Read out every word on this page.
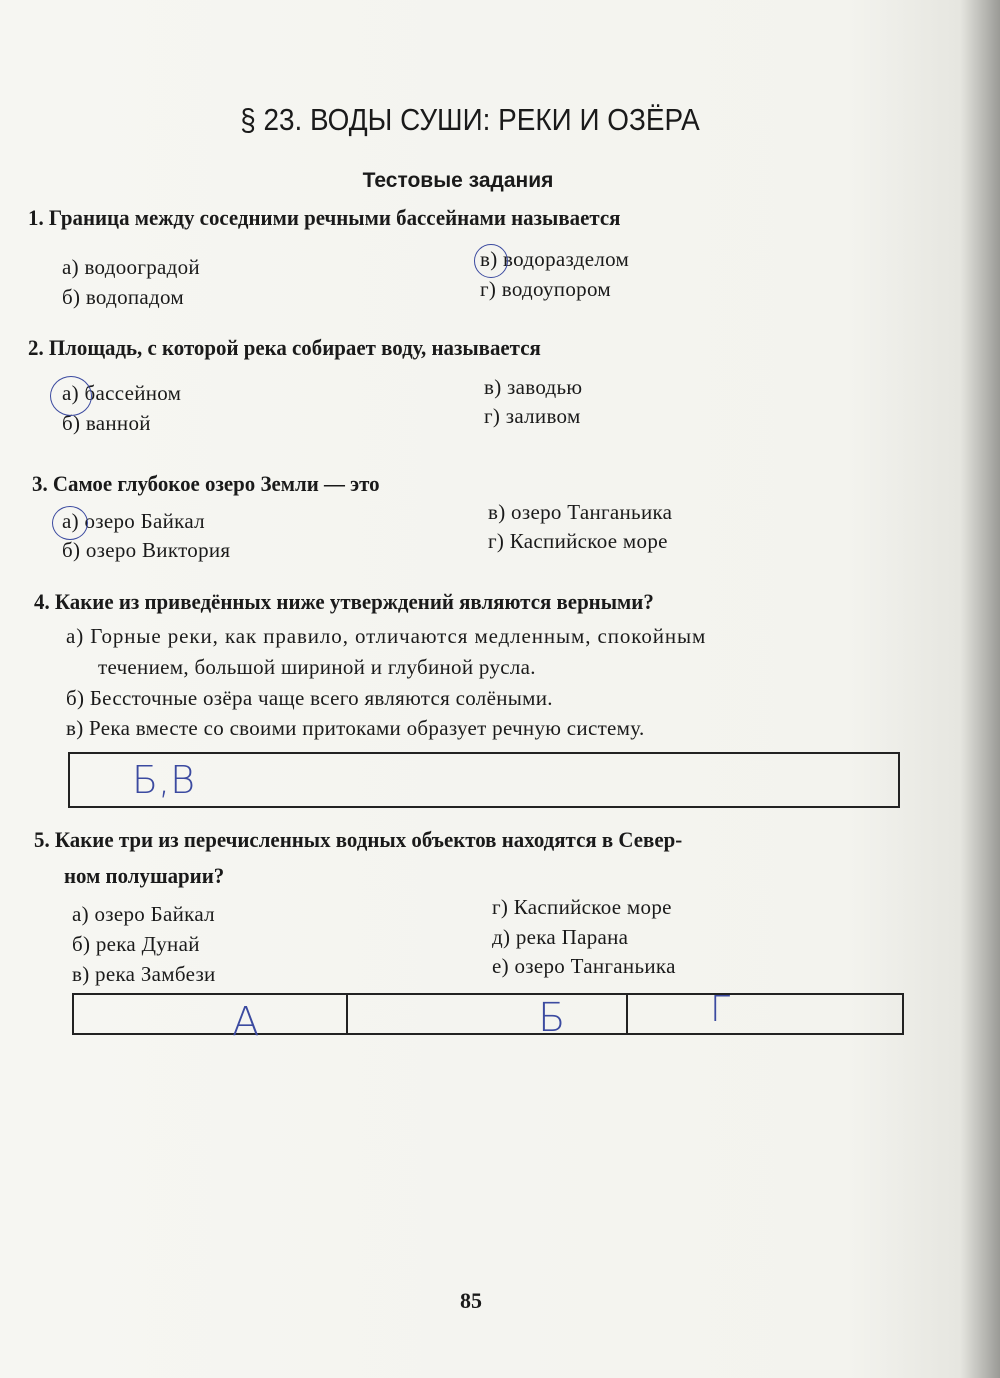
§ 23. ВОДЫ СУШИ: РЕКИ И ОЗЁРА
Тестовые задания
1. Граница между соседними речными бассейнами называется
а) водооградой
б) водопадом
в) водоразделом
г) водоупором
2. Площадь, с которой река собирает воду, называется
а) бассейном
б) ванной
в) заводью
г) заливом
3. Самое глубокое озеро Земли — это
а) озеро Байкал
б) озеро Виктория
в) озеро Танганьика
г) Каспийское море
4. Какие из приведённых ниже утверждений являются верными?
а) Горные реки, как правило, отличаются медленным, спокойным
течением, большой шириной и глубиной русла.
б) Бессточные озёра чаще всего являются солёными.
в) Река вместе со своими притоками образует речную систему.
Б,В
5. Какие три из перечисленных водных объектов находятся в Север-
ном полушарии?
а) озеро Байкал
б) река Дунай
в) река Замбези
г) Каспийское море
д) река Парана
е) озеро Танганьика
А	Б	Г
85
